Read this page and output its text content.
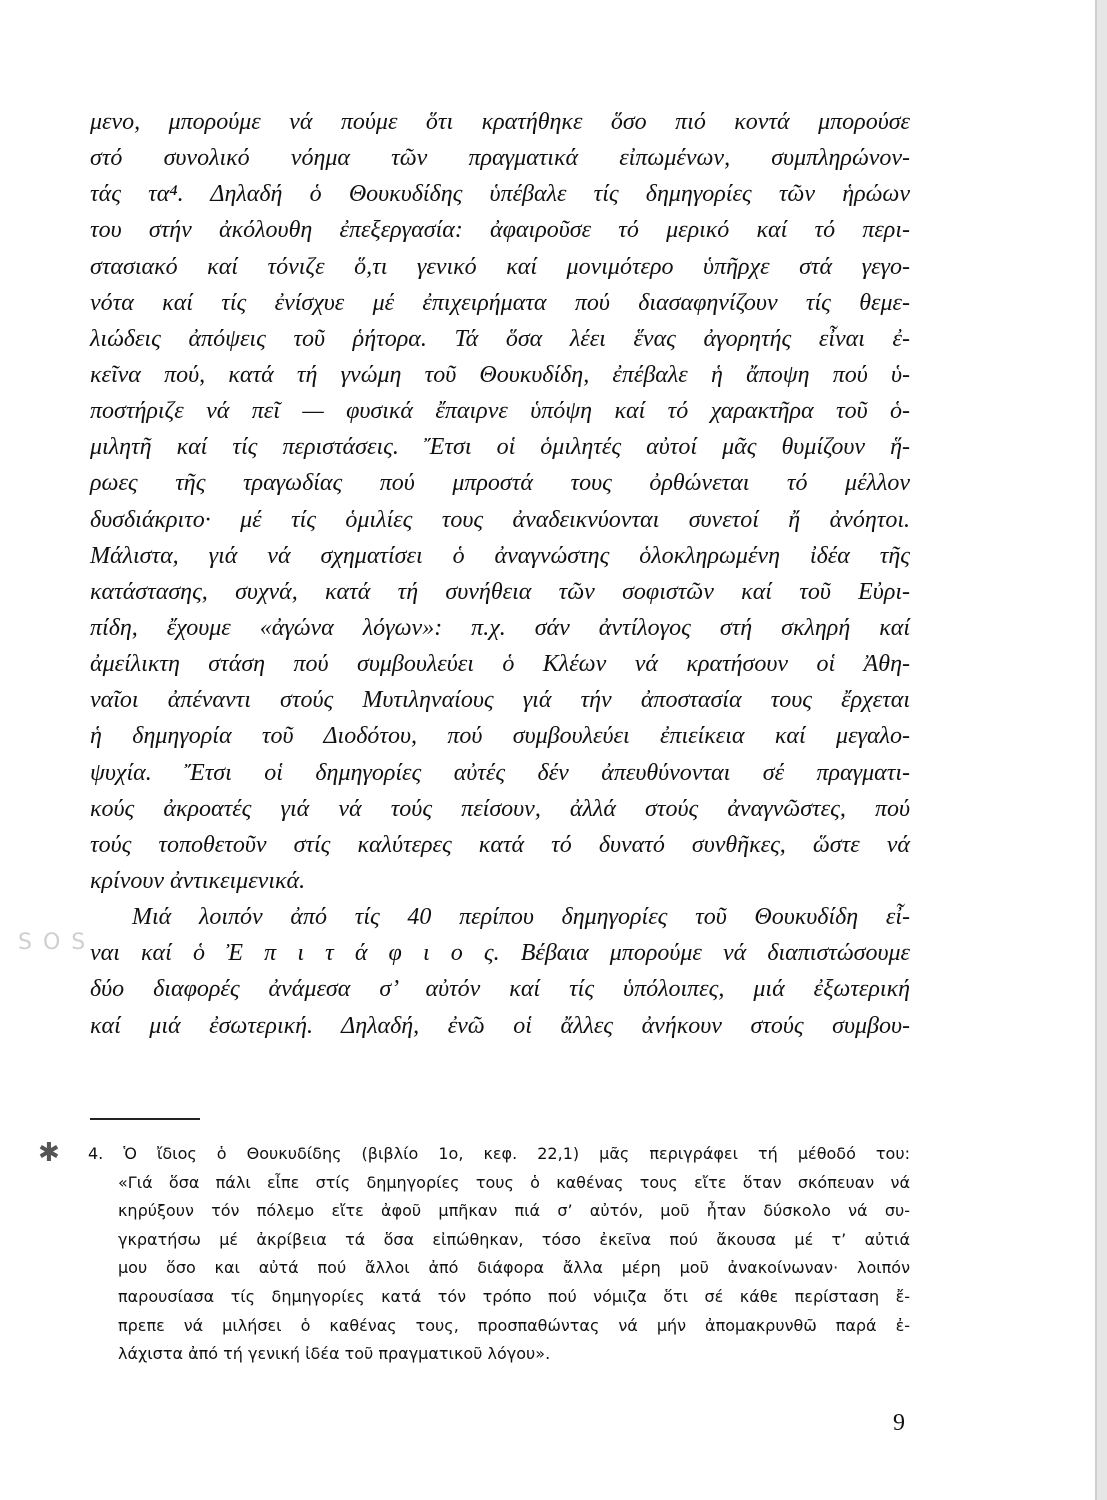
μενο, μπορούμε νά πούμε ὅτι κρατήθηκε ὅσο πιό κοντά μπορούσε
στό συνολικό νόημα τῶν πραγματικά εἰπωμένων, συμπληρώνον-
τάς τα⁴. Δηλαδή ὁ Θουκυδίδης ὑπέβαλε τίς δημηγορίες τῶν ἡρώων
του στήν ἀκόλουθη ἐπεξεργασία: ἀφαιροῦσε τό μερικό καί τό περι-
στασιακό καί τόνιζε ὅ,τι γενικό καί μονιμότερο ὑπῆρχε στά γεγο-
νότα καί τίς ἐνίσχυε μέ ἐπιχειρήματα πού διασαφηνίζουν τίς θεμε-
λιώδεις ἀπόψεις τοῦ ῥήτορα. Τά ὅσα λέει ἕνας ἀγορητής εἶναι ἐ-
κεῖνα πού, κατά τή γνώμη τοῦ Θουκυδίδη, ἐπέβαλε ἡ ἄποψη πού ὑ-
ποστήριζε νά πεῖ — φυσικά ἔπαιρνε ὑπόψη καί τό χαρακτῆρα τοῦ ὁ-
μιλητῆ καί τίς περιστάσεις. Ἔτσι οἱ ὁμιλητές αὐτοί μᾶς θυμίζουν ἥ-
ρωες τῆς τραγωδίας πού μπροστά τους ὀρθώνεται τό μέλλον
δυσδιάκριτο· μέ τίς ὁμιλίες τους ἀναδεικνύονται συνετοί ἤ ἀνόητοι.
Μάλιστα, γιά νά σχηματίσει ὁ ἀναγνώστης ὁλοκληρωμένη ἰδέα τῆς
κατάστασης, συχνά, κατά τή συνήθεια τῶν σοφιστῶν καί τοῦ Εὐρι-
πίδη, ἔχουμε «ἀγώνα λόγων»: π.χ. σάν ἀντίλογος στή σκληρή καί
ἀμείλικτη στάση πού συμβουλεύει ὁ Κλέων νά κρατήσουν οἱ Ἀθη-
ναῖοι ἀπέναντι στούς Μυτιληναίους γιά τήν ἀποστασία τους ἔρχεται
ἡ δημηγορία τοῦ Διοδότου, πού συμβουλεύει ἐπιείκεια καί μεγαλο-
ψυχία. Ἔτσι οἱ δημηγορίες αὐτές δέν ἀπευθύνονται σέ πραγματι-
κούς ἀκροατές γιά νά τούς πείσουν, ἀλλά στούς ἀναγνῶστες, πού
τούς τοποθετοῦν στίς καλύτερες κατά τό δυνατό συνθῆκες, ὥστε νά
κρίνουν ἀντικειμενικά.
Μιά λοιπόν ἀπό τίς 40 περίπου δημηγορίες τοῦ Θουκυδίδη εἶ-
ναι καί ὁ Ἐ π ι τ ά φ ι ο ς. Βέβαια μπορούμε νά διαπιστώσουμε
δύο διαφορές ἀνάμεσα σ’ αὐτόν καί τίς ὑπόλοιπες, μιά ἐξωτερική
καί μιά ἐσωτερική. Δηλαδή, ἐνῶ οἱ ἄλλες ἀνήκουν στούς συμβου-
S O S
✱ 4. Ὁ ἴδιος ὁ Θουκυδίδης (βιβλίο 1ο, κεφ. 22,1) μᾶς περιγράφει τή μέθοδό του:
«Γιά ὅσα πάλι εἶπε στίς δημηγορίες τους ὁ καθένας τους εἴτε ὅταν σκόπευαν νά
κηρύξουν τόν πόλεμο εἴτε ἀφοῦ μπῆκαν πιά σ’ αὐτόν, μοῦ ἦταν δύσκολο νά συ-
γκρατήσω μέ ἀκρίβεια τά ὅσα εἰπώθηκαν, τόσο ἐκεῖνα πού ἄκουσα μέ τ’ αὐτιά
μου ὅσο και αὐτά πού ἄλλοι ἀπό διάφορα ἄλλα μέρη μοῦ ἀνακοίνωναν· λοιπόν
παρουσίασα τίς δημηγορίες κατά τόν τρόπο πού νόμιζα ὅτι σέ κάθε περίσταση ἔ-
πρεπε νά μιλήσει ὁ καθένας τους, προσπαθώντας νά μήν ἀπομακρυνθῶ παρά ἐ-
λάχιστα ἀπό τή γενική ἰδέα τοῦ πραγματικοῦ λόγου».
9
